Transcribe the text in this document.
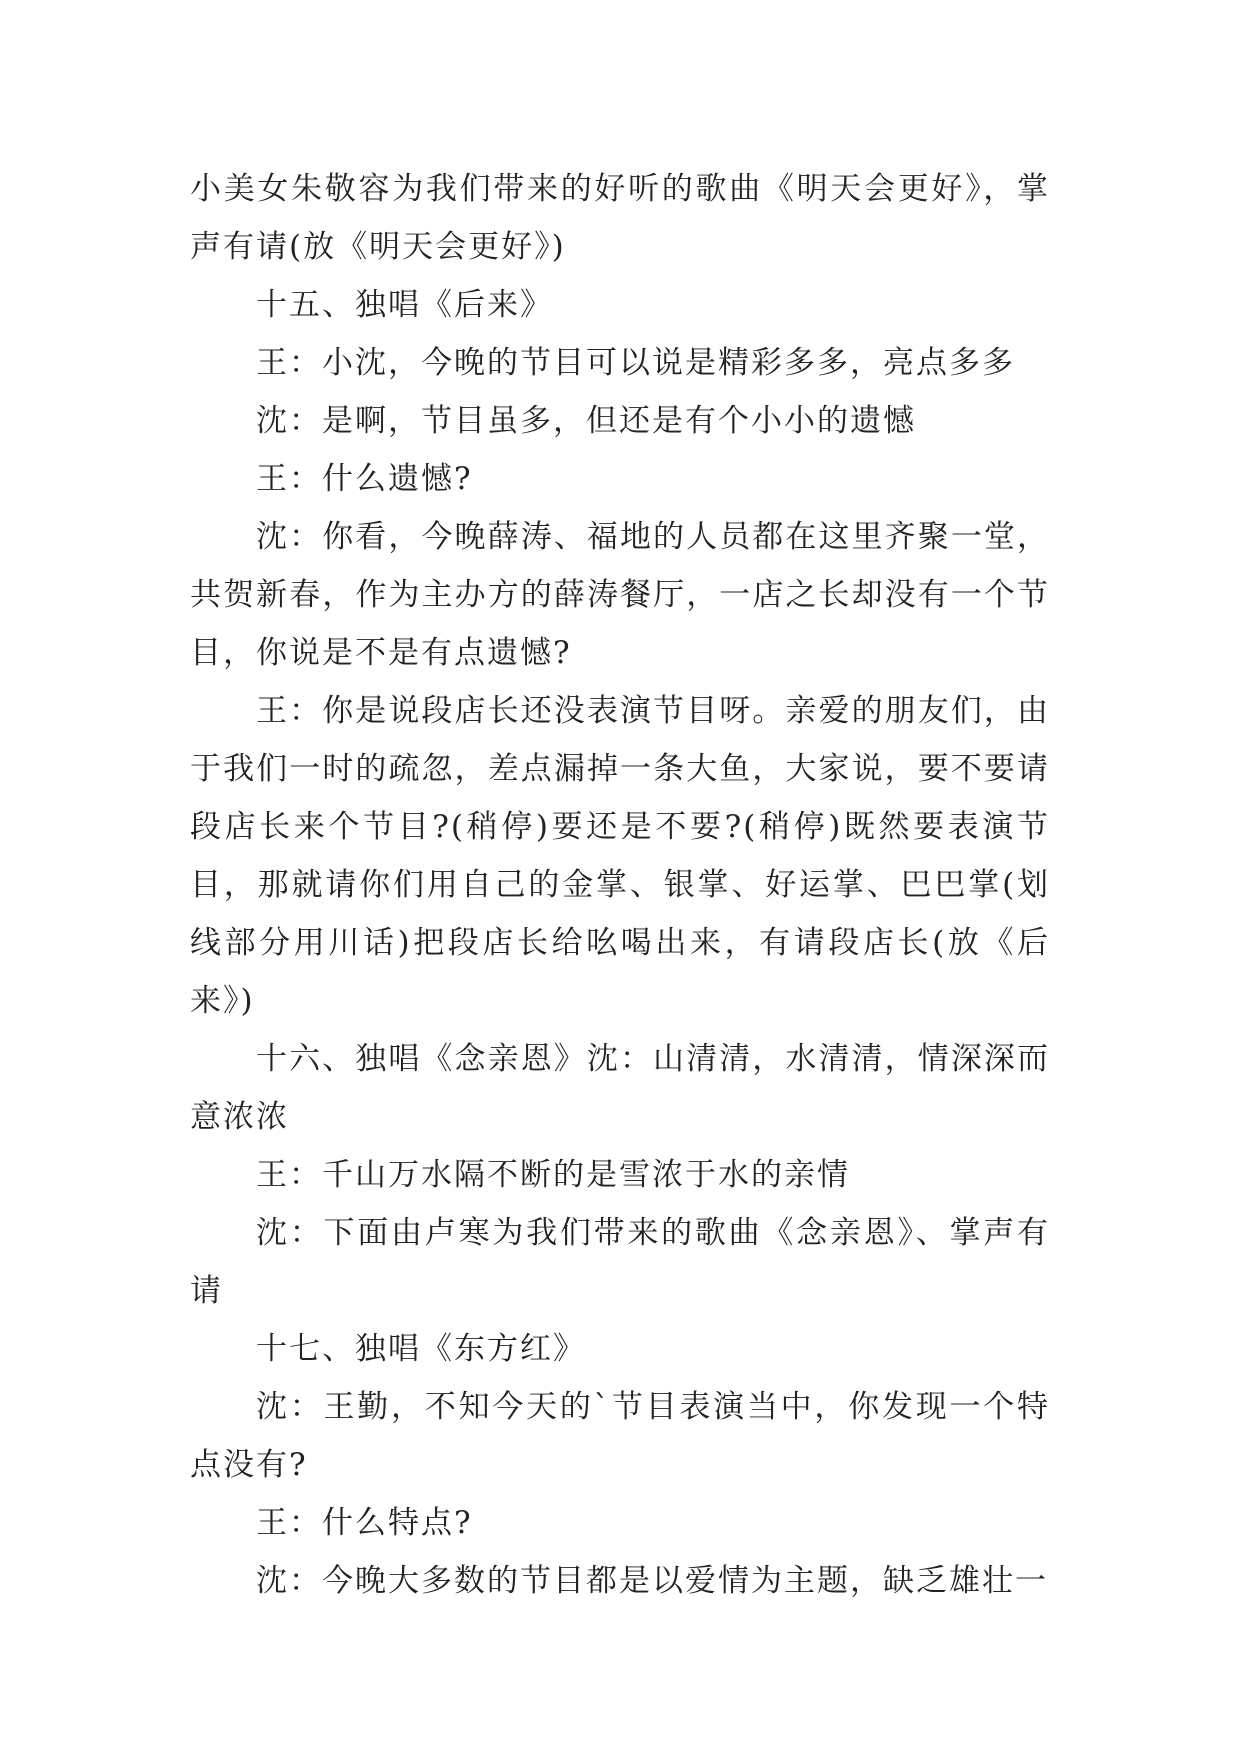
小美女朱敬容为我们带来的好听的歌曲《明天会更好》，掌声有请(放《明天会更好》)

十五、独唱《后来》

王：小沈，今晚的节目可以说是精彩多多，亮点多多

沈：是啊，节目虽多，但还是有个小小的遗憾

王：什么遗憾?

沈：你看，今晚薛涛、福地的人员都在这里齐聚一堂，共贺新春，作为主办方的薛涛餐厅，一店之长却没有一个节目，你说是不是有点遗憾?

王：你是说段店长还没表演节目呀。亲爱的朋友们，由于我们一时的疏忽，差点漏掉一条大鱼，大家说，要不要请段店长来个节目?(稍停)要还是不要?(稍停)既然要表演节目，那就请你们用自己的金掌、银掌、好运掌、巴巴掌(划线部分用川话)把段店长给吆喝出来，有请段店长(放《后来》)

十六、独唱《念亲恩》沈：山清清，水清清，情深深而意浓浓

王：千山万水隔不断的是雪浓于水的亲情

沈：下面由卢寒为我们带来的歌曲《念亲恩》、掌声有请

十七、独唱《东方红》

沈：王勤，不知今天的`节目表演当中，你发现一个特点没有?

王：什么特点?

沈：今晚大多数的节目都是以爱情为主题，缺乏雄壮一
